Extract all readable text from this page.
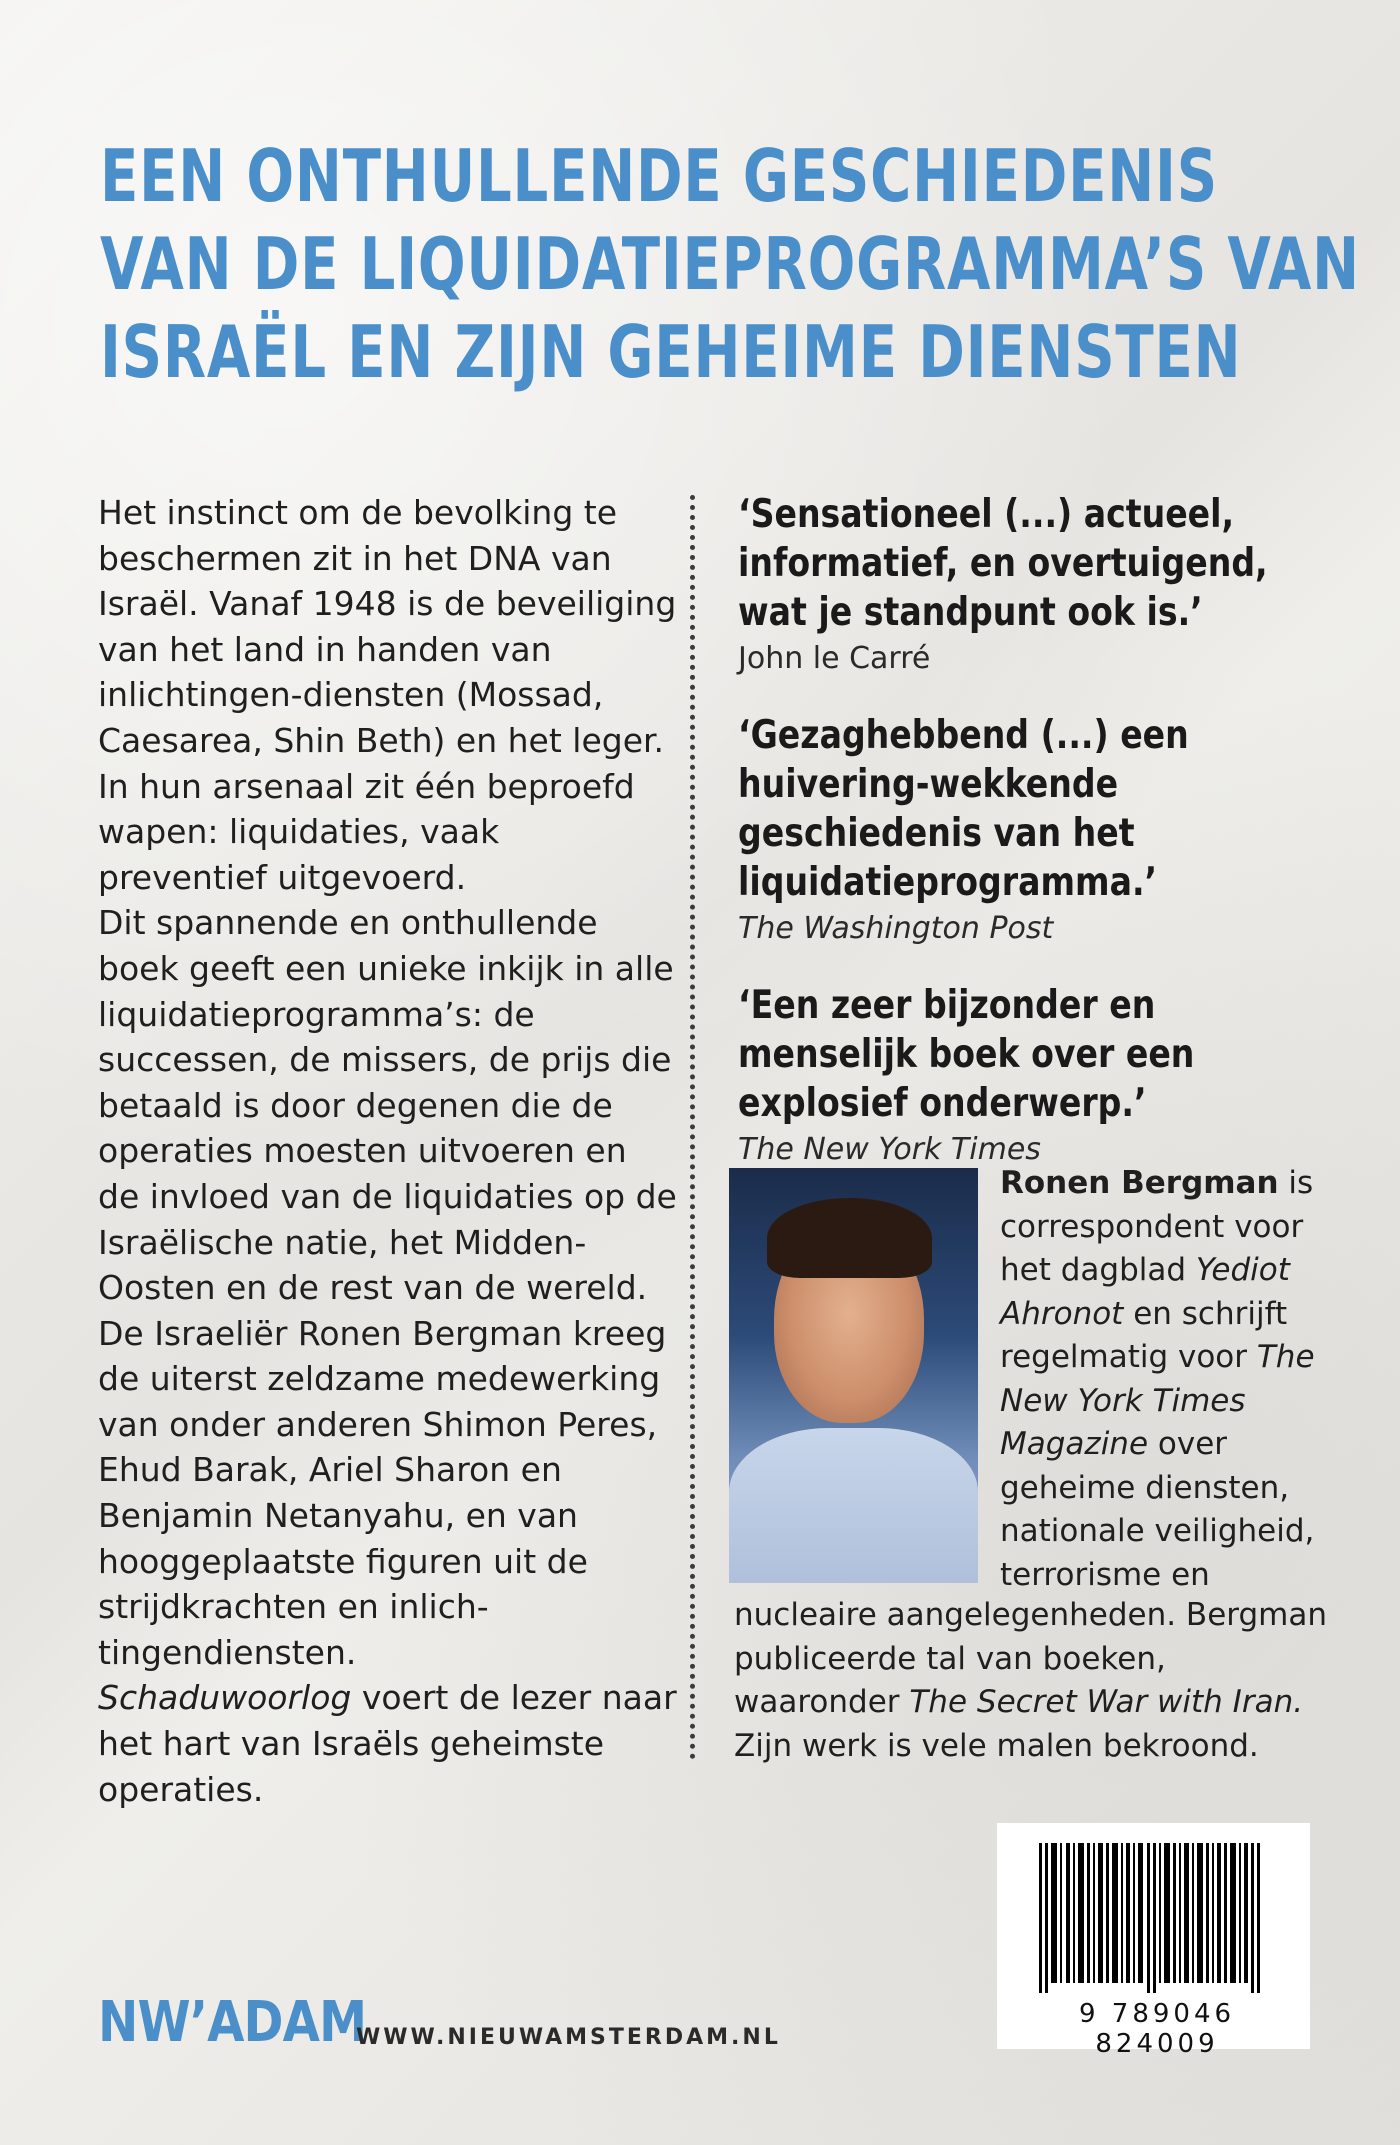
EEN ONTHULLENDE GESCHIEDENIS
VAN DE LIQUIDATIEPROGRAMMA’S VAN
ISRAËL EN ZIJN GEHEIME DIENSTEN

Het instinct om de bevolking te beschermen zit in het DNA van Israël. Vanaf 1948 is de beveiliging van het land in handen van inlichtingen-diensten (Mossad, Caesarea, Shin Beth) en het leger. In hun arsenaal zit één beproefd wapen: liquidaties, vaak preventief uitgevoerd.

Dit spannende en onthullende boek geeft een unieke inkijk in alle liquidatieprogramma’s: de successen, de missers, de prijs die betaald is door degenen die de operaties moesten uitvoeren en de invloed van de liquidaties op de Israëlische natie, het Midden-Oosten en de rest van de wereld.

De Israeliër Ronen Bergman kreeg de uiterst zeldzame medewerking van onder anderen Shimon Peres, Ehud Barak, Ariel Sharon en Benjamin Netanyahu, en van hooggeplaatste figuren uit de strijdkrachten en inlich-tingendiensten.

Schaduwoorlog voert de lezer naar het hart van Israëls geheimste operaties.

‘Sensationeel (...) actueel, informatief, en overtuigend, wat je standpunt ook is.’
John le Carré
‘Gezaghebbend (...) een huivering-wekkende geschiedenis van het liquidatieprogramma.’
The Washington Post
‘Een zeer bijzonder en menselijk boek over een explosief onderwerp.’
The New York Times
Ronen Bergman is correspondent voor het dagblad Yediot Ahronot en schrijft regelmatig voor The New York Times Magazine over geheime diensten, nationale veiligheid, terrorisme en
nucleaire aangelegenheden. Bergman publiceerde tal van boeken, waaronder The Secret War with Iran. Zijn werk is vele malen bekroond.
9 789046 824009
NW’ADAM
WWW.NIEUWAMSTERDAM.NL
